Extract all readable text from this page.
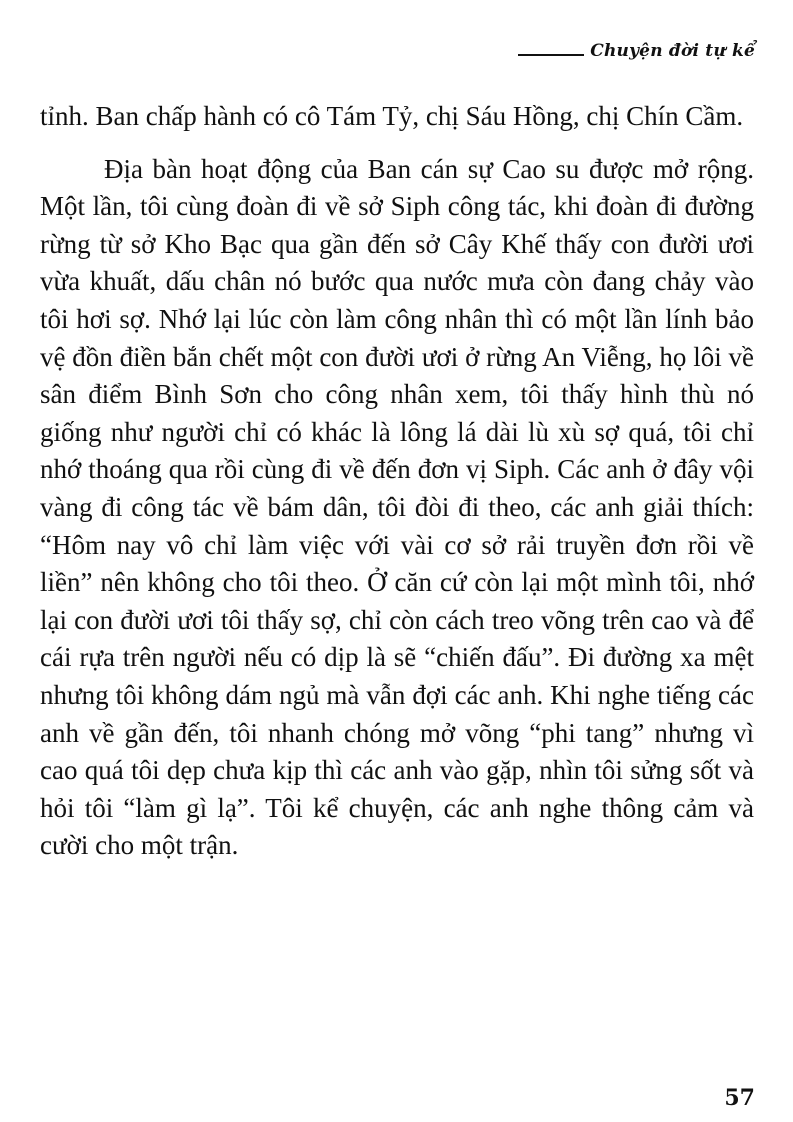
Chuyện đời tự kể

tỉnh. Ban chấp hành có cô Tám Tỷ, chị Sáu Hồng, chị Chín Cầm.

Địa bàn hoạt động của Ban cán sự Cao su được mở rộng. Một lần, tôi cùng đoàn đi về sở Siph công tác, khi đoàn đi đường rừng từ sở Kho Bạc qua gần đến sở Cây Khế thấy con đười ươi vừa khuất, dấu chân nó bước qua nước mưa còn đang chảy vào tôi hơi sợ. Nhớ lại lúc còn làm công nhân thì có một lần lính bảo vệ đồn điền bắn chết một con đười ươi ở rừng An Viễng, họ lôi về sân điểm Bình Sơn cho công nhân xem, tôi thấy hình thù nó giống như người chỉ có khác là lông lá dài lù xù sợ quá, tôi chỉ nhớ thoáng qua rồi cùng đi về đến đơn vị Siph. Các anh ở đây vội vàng đi công tác về bám dân, tôi đòi đi theo, các anh giải thích: “Hôm nay vô chỉ làm việc với vài cơ sở rải truyền đơn rồi về liền” nên không cho tôi theo. Ở căn cứ còn lại một mình tôi, nhớ lại con đười ươi tôi thấy sợ, chỉ còn cách treo võng trên cao và để cái rựa trên người nếu có dịp là sẽ “chiến đấu”. Đi đường xa mệt nhưng tôi không dám ngủ mà vẫn đợi các anh. Khi nghe tiếng các anh về gần đến, tôi nhanh chóng mở võng “phi tang” nhưng vì cao quá tôi dẹp chưa kịp thì các anh vào gặp, nhìn tôi sửng sốt và hỏi tôi “làm gì lạ”. Tôi kể chuyện, các anh nghe thông cảm và cười cho một trận.

57
